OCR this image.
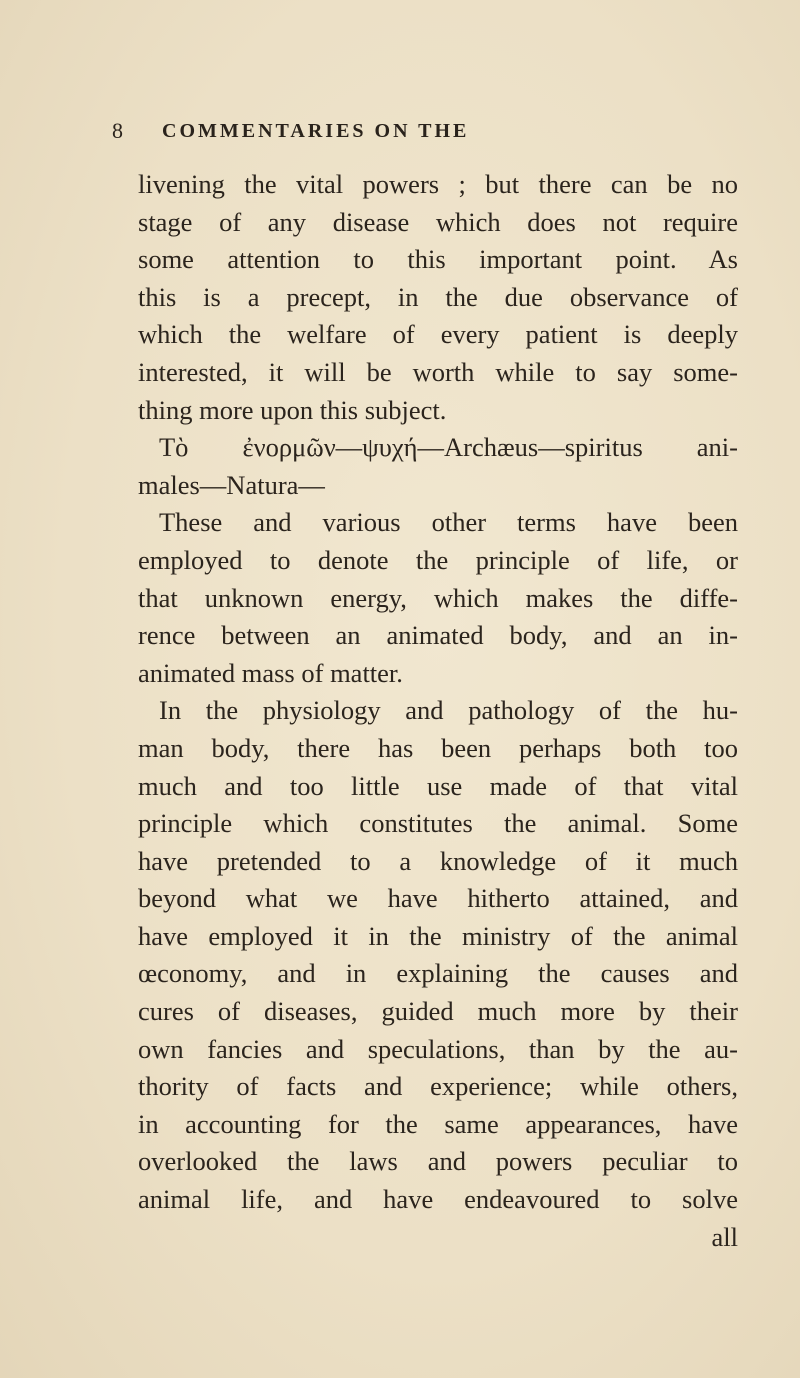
8 COMMENTARIES ON THE
livening the vital powers ; but there can be no
stage of any disease which does not require
some attention to this important point. As
this is a precept, in the due observance of
which the welfare of every patient is deeply
interested, it will be worth while to say some-
thing more upon this subject.
Τὸ ἐνορμῶν—ψυχή—Archæus—spiritus ani-
males—Natura—
These and various other terms have been
employed to denote the principle of life, or
that unknown energy, which makes the diffe-
rence between an animated body, and an in-
animated mass of matter.
In the physiology and pathology of the hu-
man body, there has been perhaps both too
much and too little use made of that vital
principle which constitutes the animal. Some
have pretended to a knowledge of it much
beyond what we have hitherto attained, and
have employed it in the ministry of the animal
œconomy, and in explaining the causes and
cures of diseases, guided much more by their
own fancies and speculations, than by the au-
thority of facts and experience; while others,
in accounting for the same appearances, have
overlooked the laws and powers peculiar to
animal life, and have endeavoured to solve
all
